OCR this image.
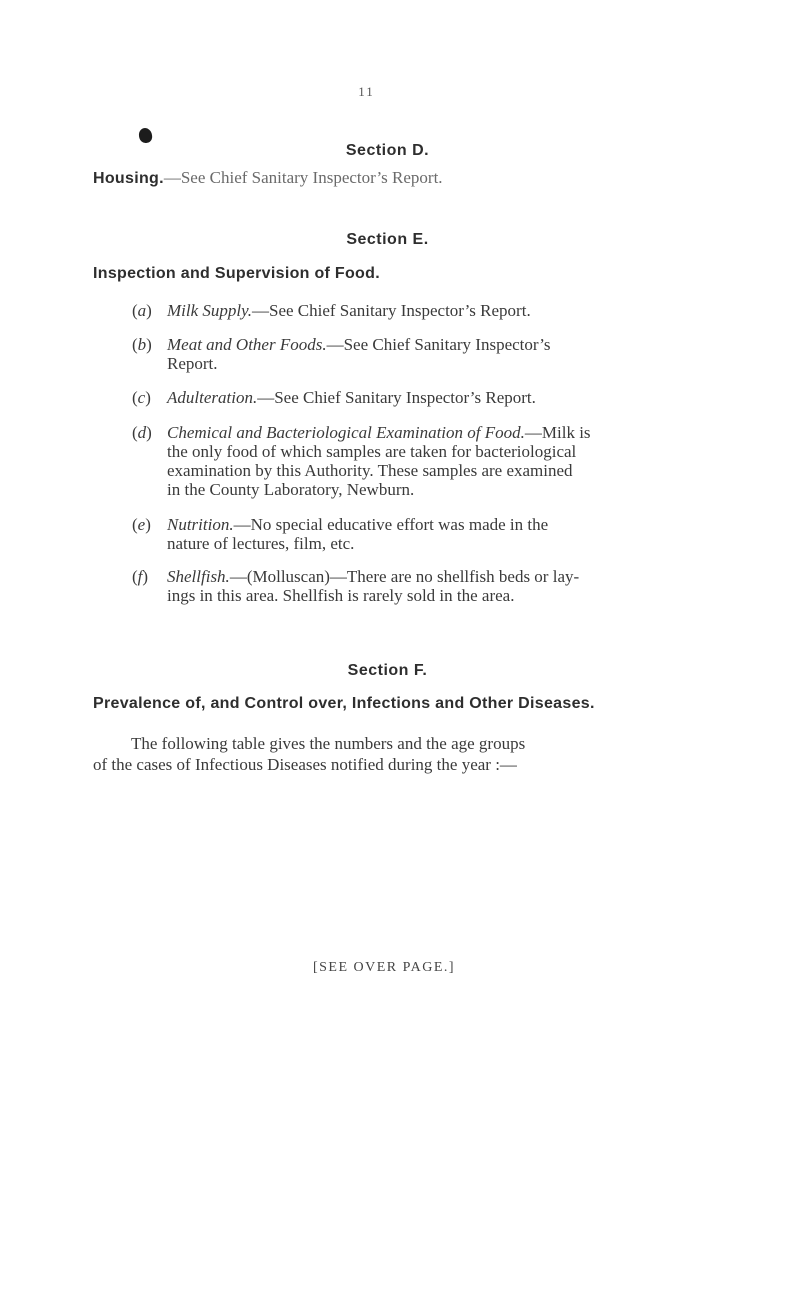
11
Section D.
Housing.—See Chief Sanitary Inspector’s Report.
Section E.
Inspection and Supervision of Food.
(a) Milk Supply.—See Chief Sanitary Inspector’s Report.
(b) Meat and Other Foods.—See Chief Sanitary Inspector’s
Report.
(c) Adulteration.—See Chief Sanitary Inspector’s Report.
(d) Chemical and Bacteriological Examination of Food.—Milk is
the only food of which samples are taken for bacteriological
examination by this Authority. These samples are examined
in the County Laboratory, Newburn.
(e) Nutrition.—No special educative effort was made in the
nature of lectures, film, etc.
(f) Shellfish.—(Molluscan)—There are no shellfish beds or lay-
ings in this area. Shellfish is rarely sold in the area.
Section F.
Prevalence of, and Control over, Infections and Other Diseases.
The following table gives the numbers and the age groups
of the cases of Infectious Diseases notified during the year :—
[SEE OVER PAGE.]
